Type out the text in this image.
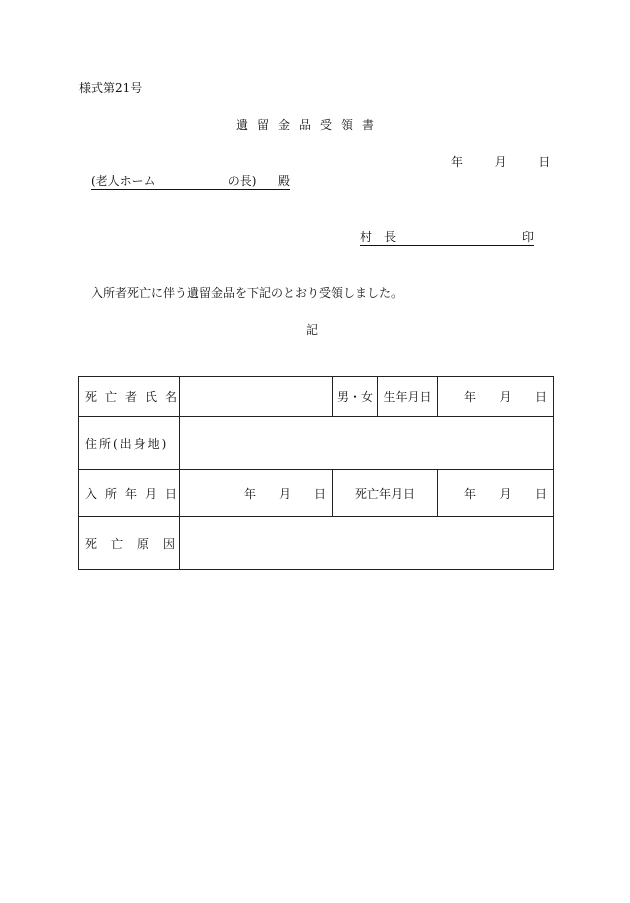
様式第21号
遺留金品受領書
年	月	日
(老人ホーム	の長) 殿
村　長	印
入所者死亡に伴う遺留金品を下記のとおり受領しました。
記
死亡者氏名		男・女	生年月日	年 月 日

住所(出身地)				
入所年月日	年 月 日	死亡年月日		年 月 日

死亡原因				
